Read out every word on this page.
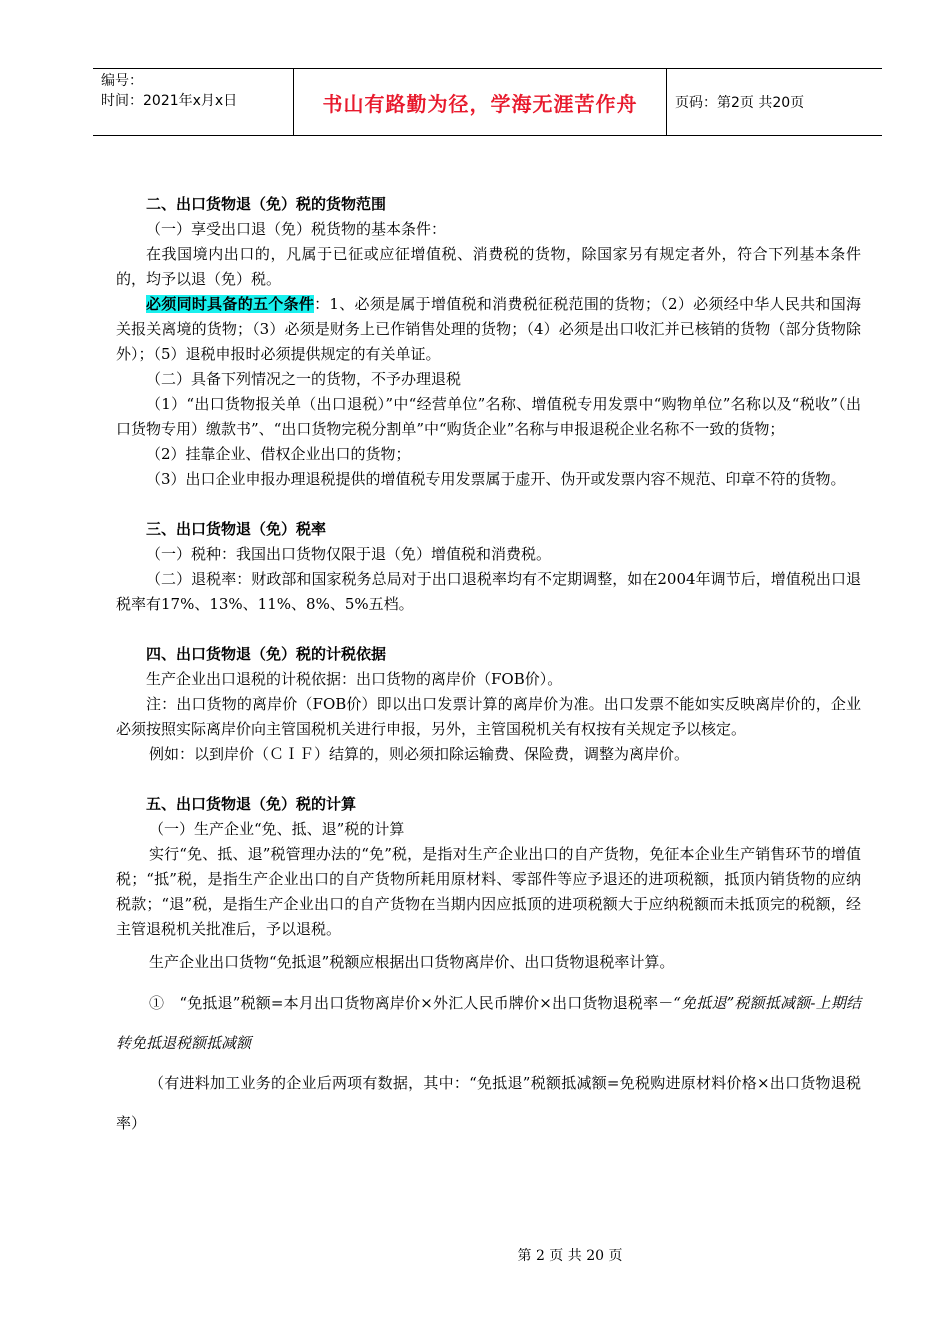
编号：
时间：2021年x月x日	书山有路勤为径，学海无涯苦作舟	页码：第2页 共20页

二、出口货物退（免）税的货物范围

（一）享受出口退（免）税货物的基本条件：

在我国境内出口的，凡属于已征或应征增值税、消费税的货物，除国家另有规定者外，符合下列基本条件的，均予以退（免）税。

必须同时具备的五个条件：1、必须是属于增值税和消费税征税范围的货物；（2）必须经中华人民共和国海关报关离境的货物；（3）必须是财务上已作销售处理的货物；（4）必须是出口收汇并已核销的货物（部分货物除外）；（5）退税申报时必须提供规定的有关单证。

（二）具备下列情况之一的货物，不予办理退税

（1）“出口货物报关单（出口退税）”中“经营单位”名称、增值税专用发票中“购物单位”名称以及“税收”（出口货物专用）缴款书”、“出口货物完税分割单”中“购货企业”名称与申报退税企业名称不一致的货物；

（2）挂靠企业、借权企业出口的货物；

（3）出口企业申报办理退税提供的增值税专用发票属于虚开、伪开或发票内容不规范、印章不符的货物。

三、出口货物退（免）税率

（一）税种：我国出口货物仅限于退（免）增值税和消费税。

（二）退税率：财政部和国家税务总局对于出口退税率均有不定期调整，如在2004年调节后，增值税出口退税率有17%、13%、11%、8%、5%五档。

四、出口货物退（免）税的计税依据

生产企业出口退税的计税依据：出口货物的离岸价（FOB价）。

注：出口货物的离岸价（FOB价）即以出口发票计算的离岸价为准。出口发票不能如实反映离岸价的，企业必须按照实际离岸价向主管国税机关进行申报，另外，主管国税机关有权按有关规定予以核定。

例如：以到岸价（ＣＩＦ）结算的，则必须扣除运输费、保险费，调整为离岸价。

五、出口货物退（免）税的计算

（一）生产企业“免、抵、退”税的计算

实行“免、抵、退”税管理办法的“免”税，是指对生产企业出口的自产货物，免征本企业生产销售环节的增值税；“抵”税，是指生产企业出口的自产货物所耗用原材料、零部件等应予退还的进项税额，抵顶内销货物的应纳税款；“退”税，是指生产企业出口的自产货物在当期内因应抵顶的进项税额大于应纳税额而未抵顶完的税额，经主管退税机关批准后，予以退税。

生产企业出口货物“免抵退”税额应根据出口货物离岸价、出口货物退税率计算。

①　“免抵退”税额=本月出口货物离岸价×外汇人民币牌价×出口货物退税率－“免抵退”税额抵减额-上期结转免抵退税额抵减额

（有进料加工业务的企业后两项有数据，其中：“免抵退”税额抵减额=免税购进原材料价格×出口货物退税率）

第 2 页 共 20 页
